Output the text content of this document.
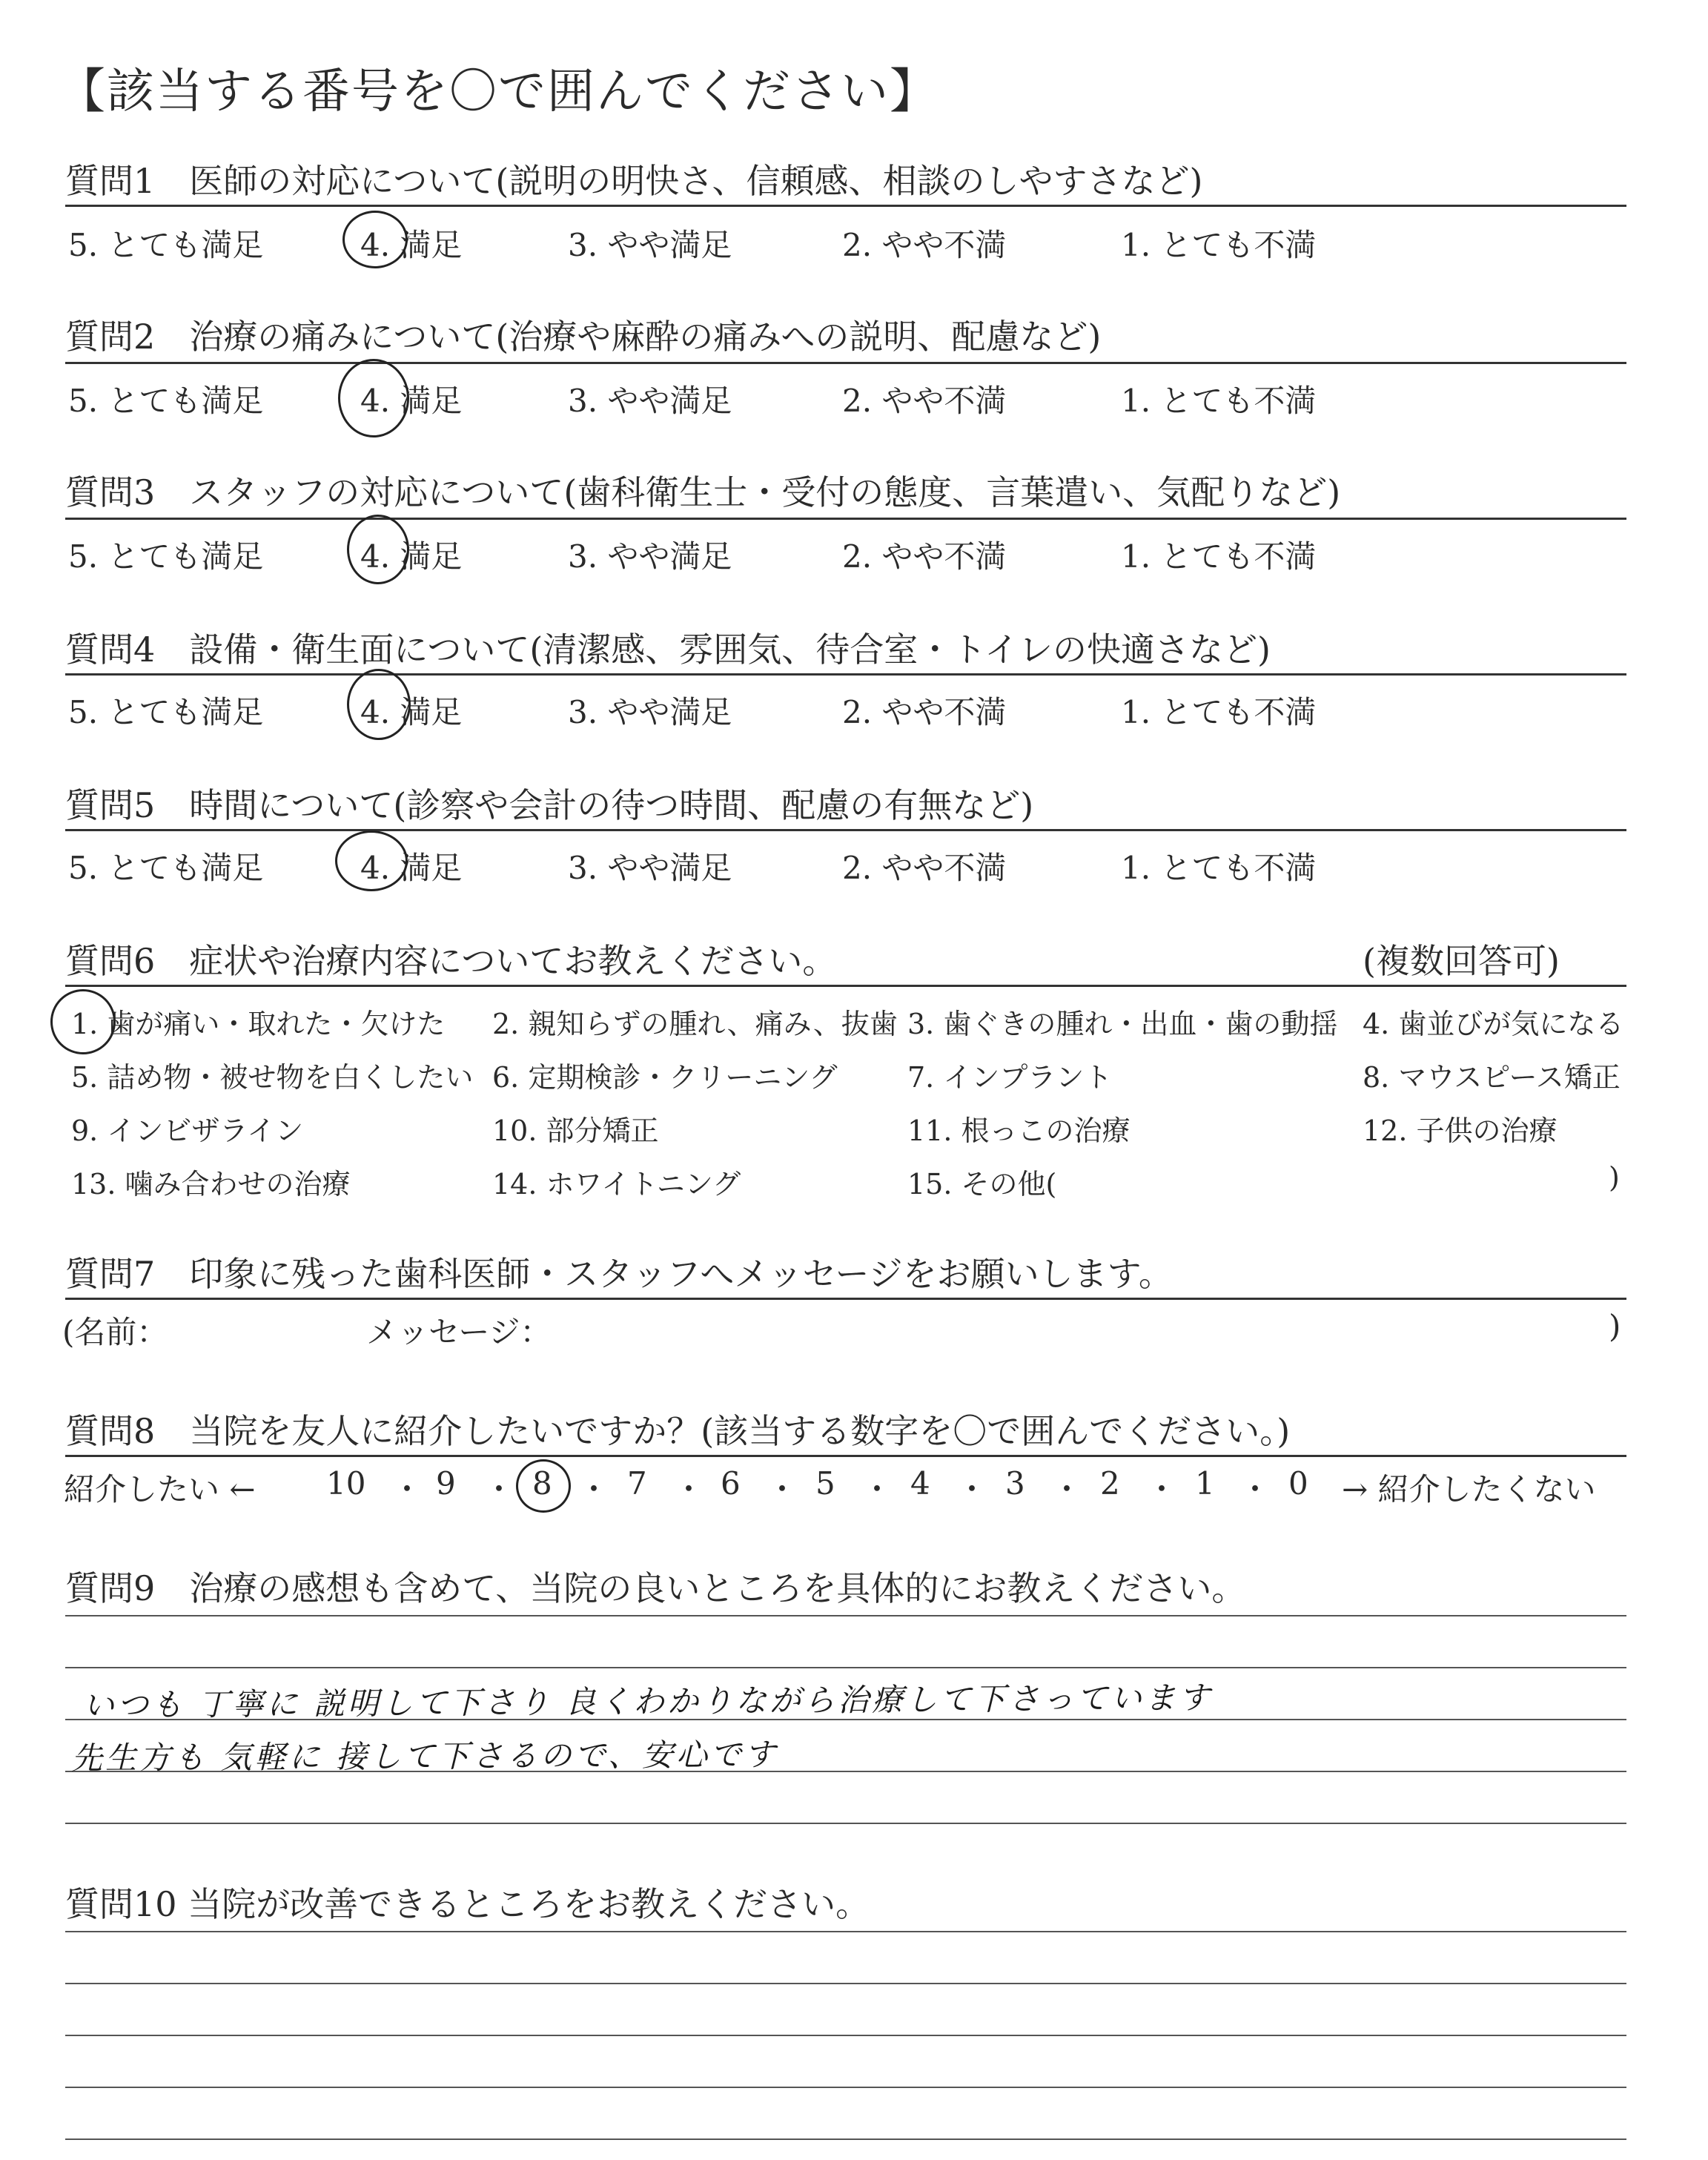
【該当する番号を〇で囲んでください】
質問1　医師の対応について(説明の明快さ、信頼感、相談のしやすさなど)
5. とても満足	4. 満足	3. やや満足	2. やや不満	1. とても不満
質問2　治療の痛みについて(治療や麻酔の痛みへの説明、配慮など)
5. とても満足	4. 満足	3. やや満足	2. やや不満	1. とても不満
質問3　スタッフの対応について(歯科衛生士・受付の態度、言葉遣い、気配りなど)
5. とても満足	4. 満足	3. やや満足	2. やや不満	1. とても不満
質問4　設備・衛生面について(清潔感、雰囲気、待合室・トイレの快適さなど)
5. とても満足	4. 満足	3. やや満足	2. やや不満	1. とても不満
質問5　時間について(診察や会計の待つ時間、配慮の有無など)
5. とても満足	4. 満足	3. やや満足	2. やや不満	1. とても不満
質問6　症状や治療内容についてお教えください。	(複数回答可)
1. 歯が痛い・取れた・欠けた 2. 親知らずの腫れ、痛み、抜歯 3. 歯ぐきの腫れ・出血・歯の動揺 4. 歯並びが気になる
5. 詰め物・被せ物を白くしたい 6. 定期検診・クリーニング 7. インプラント	8. マウスピース矯正
9. インビザライン	10. 部分矯正	11. 根っこの治療	12. 子供の治療
13. 噛み合わせの治療	14. ホワイトニング	15. その他(	)
質問7　印象に残った歯科医師・スタッフへメッセージをお願いします。
(名前：	メッセージ：	)
質問8　当院を友人に紹介したいですか？(該当する数字を〇で囲んでください。)
紹介したい ←	→ 紹介したくない
10 ・ 9 ・ 8 ・ 7 ・ 6 ・ 5 ・ 4 ・ 3 ・ 2 ・ 1 ・ 0
質問9　治療の感想も含めて、当院の良いところを具体的にお教えください。
いつも 丁寧に 説明して下さり 良くわかりながら治療して下さっています
先生方も 気軽に 接して下さるので、安心です
質問10 当院が改善できるところをお教えください。
